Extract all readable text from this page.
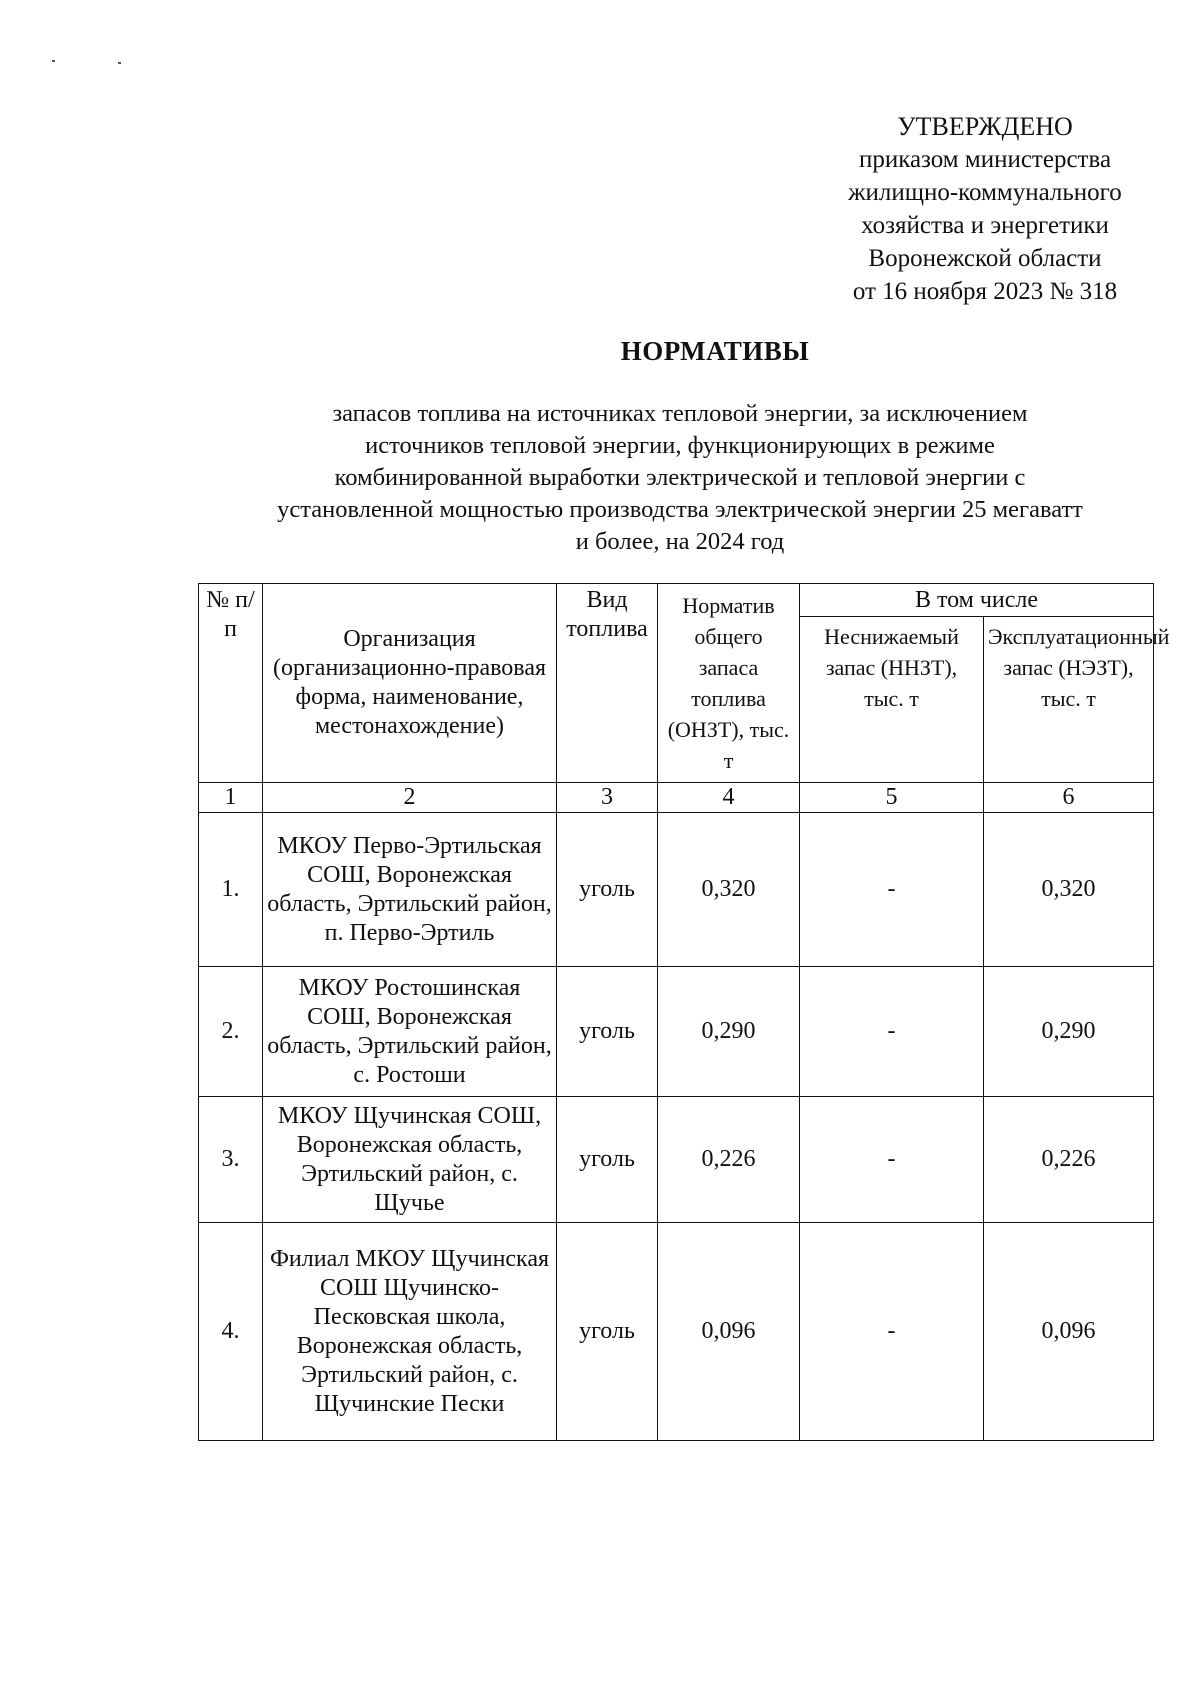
УТВЕРЖДЕНО
приказом министерства
жилищно-коммунального
хозяйства и энергетики
Воронежской области
от 16 ноября 2023 № 318
НОРМАТИВЫ
запасов топлива на источниках тепловой энергии, за исключением
источников тепловой энергии, функционирующих в режиме
комбинированной выработки электрической и тепловой энергии с
установленной мощностью производства электрической энергии 25 мегаватт
и более, на 2024 год
№ п/п	Организация (организационно-правовая форма, наименование, местонахождение)	Вид топлива	Норматив общего запаса топлива (ОНЗТ), тыс. т	В том числе	
				Неснижаемый запас (ННЗТ), тыс. т	Эксплуатационный запас (НЭЗТ), тыс. т
1	2	3	4	5	6
1.	МКОУ Перво-Эртильская СОШ, Воронежская область, Эртильский район, п. Перво-Эртиль	уголь	0,320	-	0,320
2.	МКОУ Ростошинская СОШ, Воронежская область, Эртильский район, с. Ростоши	уголь	0,290	-	0,290
3.	МКОУ Щучинская СОШ, Воронежская область, Эртильский район, с. Щучье	уголь	0,226	-	0,226
4.	Филиал МКОУ Щучинская СОШ Щучинско-Песковская школа, Воронежская область, Эртильский район, с. Щучинские Пески	уголь	0,096	-	0,096
